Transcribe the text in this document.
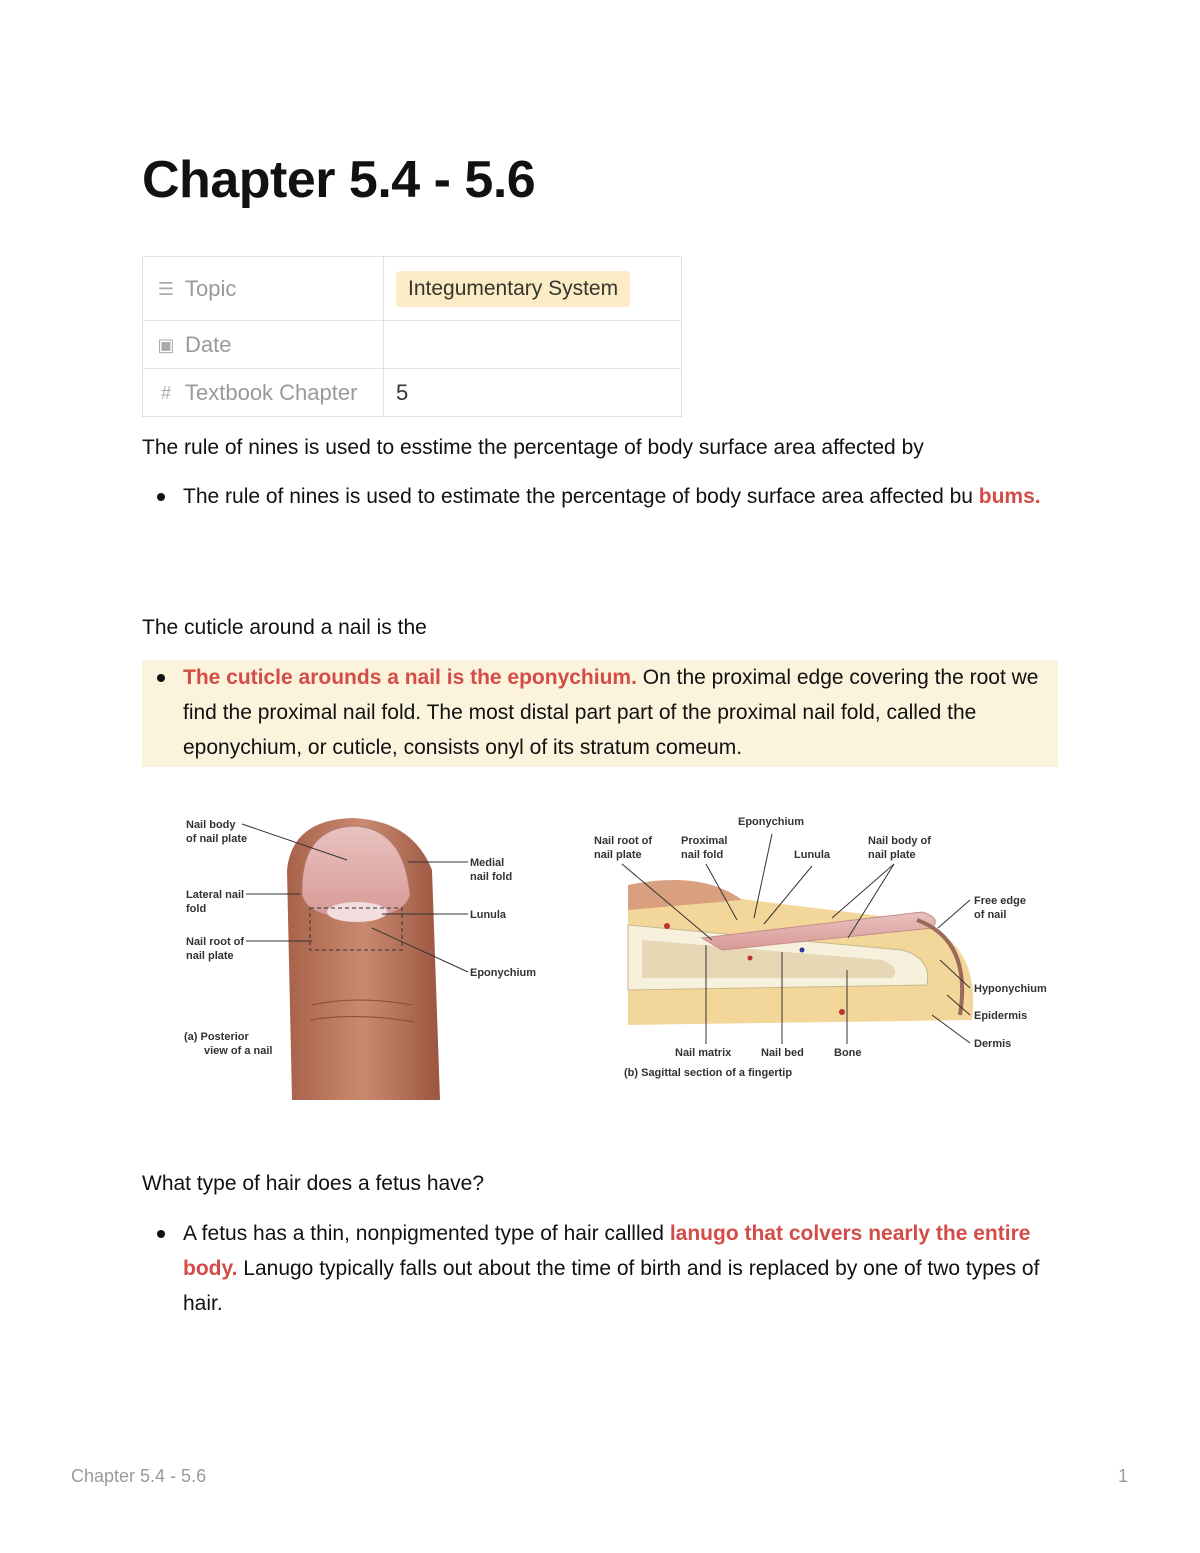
Chapter 5.4 - 5.6
☰ Topic	Integumentary System
▣ Date	
# Textbook Chapter	5

The rule of nines is used to esstime the percentage of body surface area affected by

The rule of nines is used to estimate the percentage of body surface area affected bu bums.

The cuticle around a nail is the

The cuticle arounds a nail is the eponychium. On the proximal edge covering the root we find the proximal nail fold. The most distal part part of the proximal nail fold, called the eponychium, or cuticle, consists onyl of its stratum comeum.
Nail body
of nail plate
Lateral nail
fold
Nail root of
nail plate
Medial
nail fold
Lunula
Eponychium
(a) Posterior
view of a nail
Nail root of
nail plate
Proximal
nail fold
Eponychium
Lunula
Nail body of
nail plate
Free edge
of nail
Hyponychium
Epidermis
Dermis
Nail matrix	Nail bed	Bone
(b) Sagittal section of a fingertip

What type of hair does a fetus have?

A fetus has a thin, nonpigmented type of hair callled lanugo that colvers nearly the entire body. Lanugo typically falls out about the time of birth and is replaced by one of two types of hair.
Chapter 5.4 - 5.6	1
